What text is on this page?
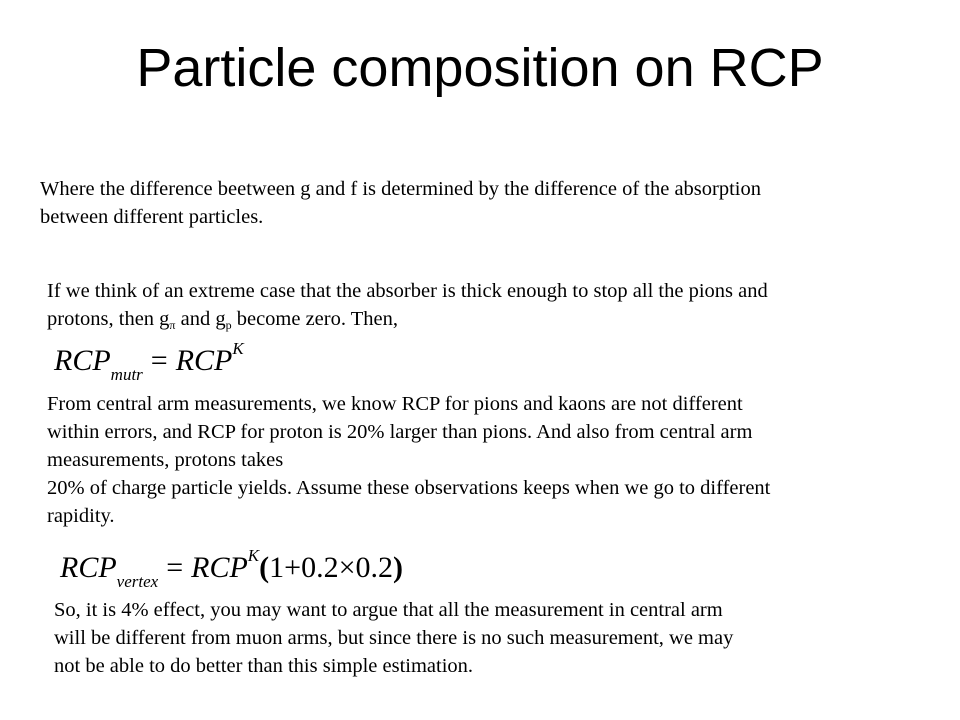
Particle composition on RCP

Where the difference beetween g and f is determined by the difference of the absorption
between different particles.

If we think of an extreme case that the absorber is thick enough to stop all the pions and
protons, then $g_\pi$ and $g_p$ become zero. Then,

$RCP_{mutr} = RCP^K$

From central arm measurements, we know RCP for pions and kaons are not different
within errors, and RCP for proton is 20% larger than pions. And also from central arm
measurements, protons takes
20% of charge particle yields. Assume these observations keeps when we go to different
rapidity.

$RCP_{vertex} = RCP^K(1+0.2\times 0.2)$

So, it is 4% effect, you may want to argue that all the measurement in central arm
will be different from muon arms, but since there is no such measurement, we may
not be able to do better than this simple estimation.
